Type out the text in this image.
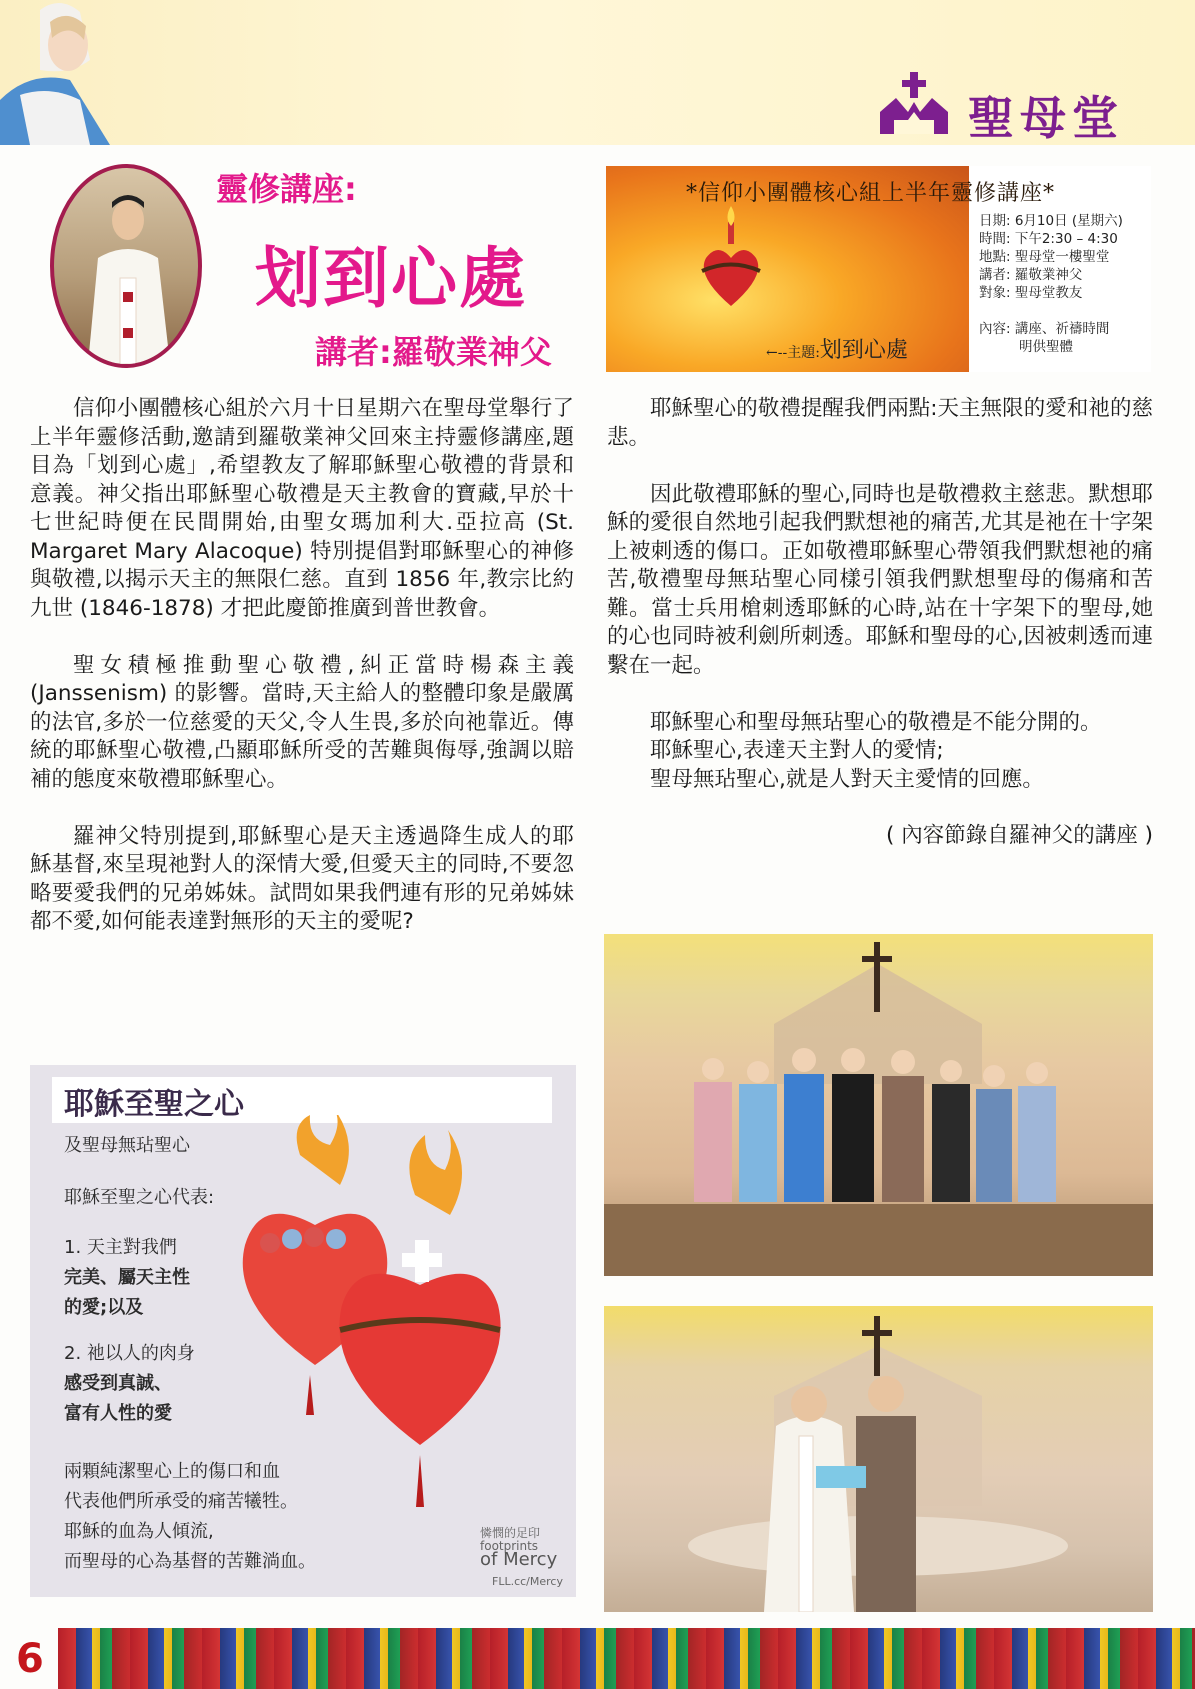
聖母堂
靈修講座:
划到心處
講者:羅敬業神父
*信仰小團體核心組上半年靈修講座*
日期: 6月10日 (星期六)
時間: 下午2:30 – 4:30
地點: 聖母堂一樓聖堂
講者: 羅敬業神父
對象: 聖母堂教友
內容: 講座、祈禱時間
明供聖體
←--主題:划到心處

信仰小團體核心組於六月十日星期六在聖母堂舉行了上半年靈修活動,邀請到羅敬業神父回來主持靈修講座,題目為「划到心處」,希望教友了解耶穌聖心敬禮的背景和意義。神父指出耶穌聖心敬禮是天主教會的寶藏,早於十七世紀時便在民間開始,由聖女瑪加利大.亞拉高 (St. Margaret Mary Alacoque) 特別提倡對耶穌聖心的神修與敬禮,以揭示天主的無限仁慈。直到 1856 年,教宗比約九世 (1846-1878) 才把此慶節推廣到普世教會。

聖女積極推動聖心敬禮,糾正當時楊森主義 (Janssenism) 的影響。當時,天主給人的整體印象是嚴厲的法官,多於一位慈愛的天父,令人生畏,多於向祂靠近。傳統的耶穌聖心敬禮,凸顯耶穌所受的苦難與侮辱,強調以賠補的態度來敬禮耶穌聖心。

羅神父特別提到,耶穌聖心是天主透過降生成人的耶穌基督,來呈現祂對人的深情大愛,但愛天主的同時,不要忽略要愛我們的兄弟姊妹。試問如果我們連有形的兄弟姊妹都不愛,如何能表達對無形的天主的愛呢?

耶穌聖心的敬禮提醒我們兩點:天主無限的愛和祂的慈悲。

因此敬禮耶穌的聖心,同時也是敬禮救主慈悲。默想耶穌的愛很自然地引起我們默想祂的痛苦,尤其是祂在十字架上被刺透的傷口。正如敬禮耶穌聖心帶領我們默想祂的痛苦,敬禮聖母無玷聖心同樣引領我們默想聖母的傷痛和苦難。當士兵用槍刺透耶穌的心時,站在十字架下的聖母,她的心也同時被利劍所刺透。耶穌和聖母的心,因被刺透而連繫在一起。

耶穌聖心和聖母無玷聖心的敬禮是不能分開的。

耶穌聖心,表達天主對人的愛情;

聖母無玷聖心,就是人對天主愛情的回應。

( 內容節錄自羅神父的講座 )
耶穌至聖之心
及聖母無玷聖心
耶穌至聖之心代表:
1. 天主對我們
完美、屬天主性
的愛;以及
2. 祂以人的肉身
感受到真誠、
富有人性的愛
兩顆純潔聖心上的傷口和血
代表他們所承受的痛苦犧牲。
耶穌的血為人傾流,
而聖母的心為基督的苦難淌血。
憐憫的足印
footprints
of Mercy
FLL.cc/Mercy
6
